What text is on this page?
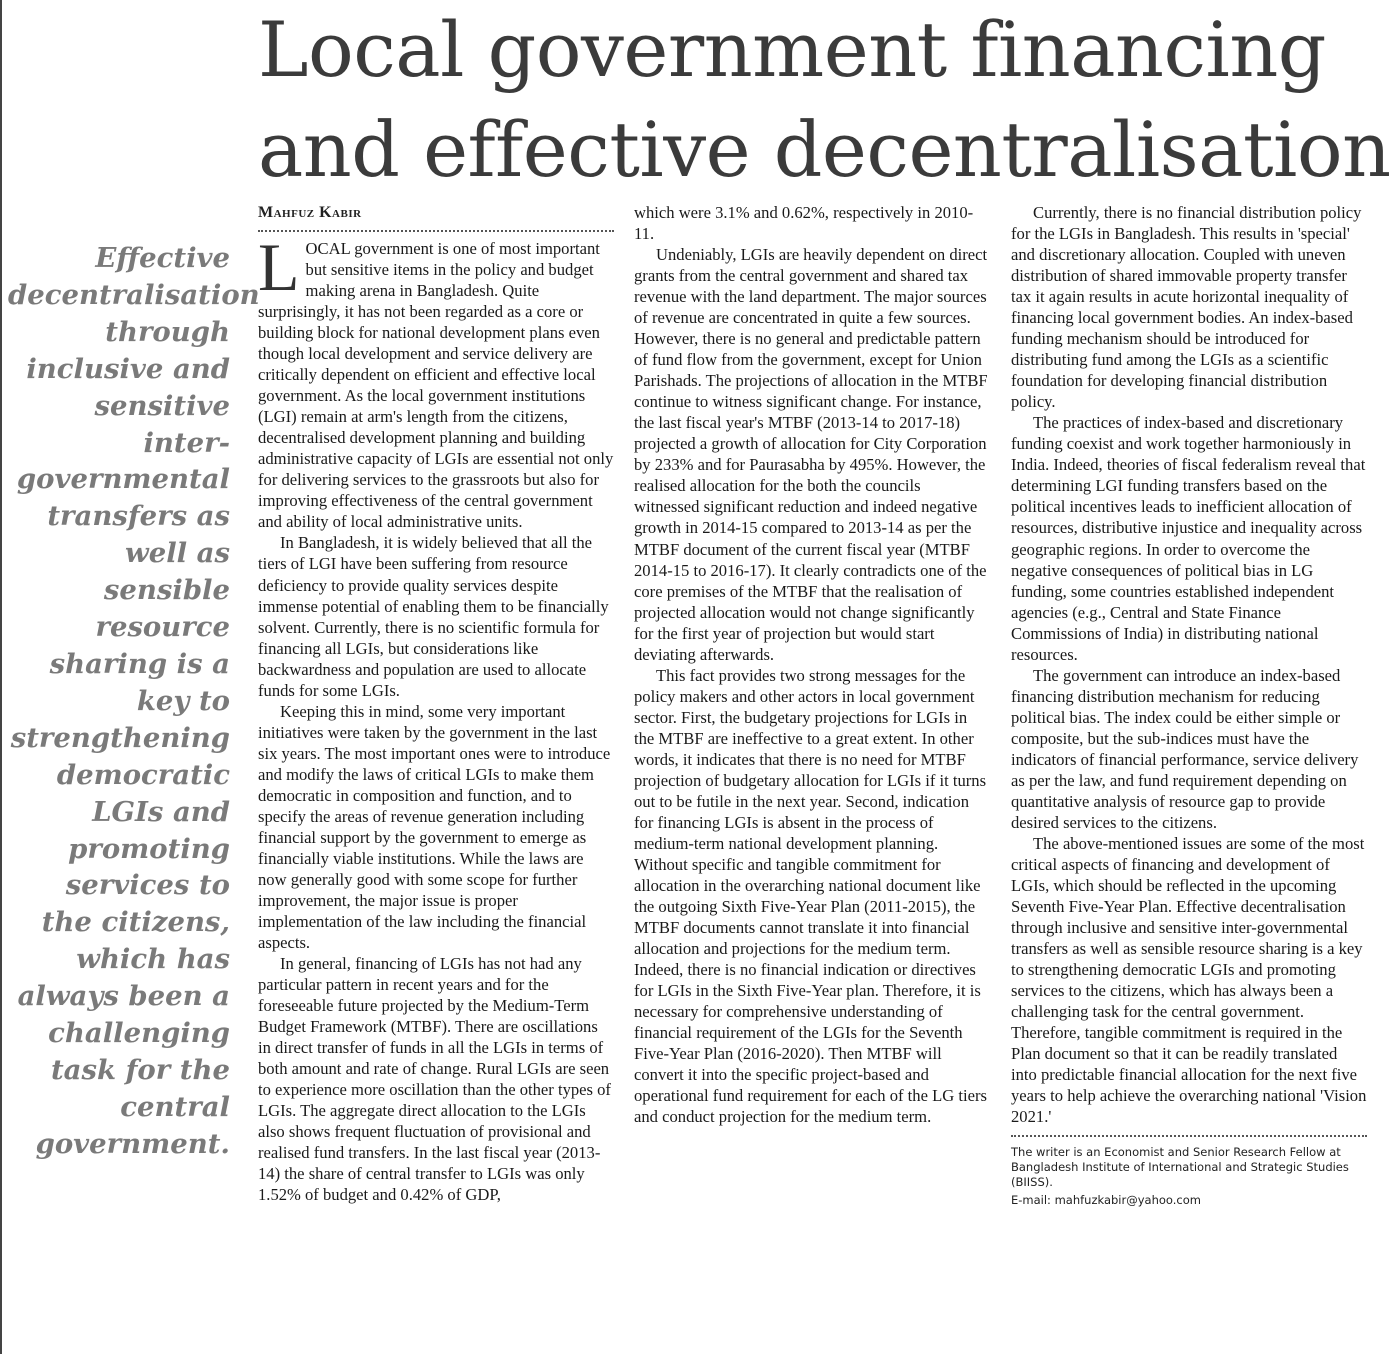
Local government financing
and effective decentralisation
Effective decentralisation through inclusive and sensitive inter-governmental transfers as well as sensible resource sharing is a key to strengthening democratic LGIs and promoting services to the citizens, which has always been a challenging task for the central government.
Mahfuz Kabir

LOCAL government is one of most important but sensitive items in the policy and budget making arena in Bangladesh. Quite surprisingly, it has not been regarded as a core or building block for national development plans even though local development and service delivery are critically dependent on efficient and effective local government. As the local government institutions (LGI) remain at arm's length from the citizens, decentralised development planning and building administrative capacity of LGIs are essential not only for delivering services to the grassroots but also for improving effectiveness of the central government and ability of local administrative units.

In Bangladesh, it is widely believed that all the tiers of LGI have been suffering from resource deficiency to provide quality services despite immense potential of enabling them to be financially solvent. Currently, there is no scientific formula for financing all LGIs, but considerations like backwardness and population are used to allocate funds for some LGIs.

Keeping this in mind, some very important initiatives were taken by the government in the last six years. The most important ones were to introduce and modify the laws of critical LGIs to make them democratic in composition and function, and to specify the areas of revenue generation including financial support by the government to emerge as financially viable institutions. While the laws are now generally good with some scope for further improvement, the major issue is proper implementation of the law including the financial aspects.

In general, financing of LGIs has not had any particular pattern in recent years and for the foreseeable future projected by the Medium-Term Budget Framework (MTBF). There are oscillations in direct transfer of funds in all the LGIs in terms of both amount and rate of change. Rural LGIs are seen to experience more oscillation than the other types of LGIs. The aggregate direct allocation to the LGIs also shows frequent fluctuation of provisional and realised fund transfers. In the last fiscal year (2013-14) the share of central transfer to LGIs was only 1.52% of budget and 0.42% of GDP,

which were 3.1% and 0.62%, respectively in 2010-11.

Undeniably, LGIs are heavily dependent on direct grants from the central government and shared tax revenue with the land department. The major sources of revenue are concentrated in quite a few sources. However, there is no general and predictable pattern of fund flow from the government, except for Union Parishads. The projections of allocation in the MTBF continue to witness significant change. For instance, the last fiscal year's MTBF (2013-14 to 2017-18) projected a growth of allocation for City Corporation by 233% and for Paurasabha by 495%. However, the realised allocation for the both the councils witnessed significant reduction and indeed negative growth in 2014-15 compared to 2013-14 as per the MTBF document of the current fiscal year (MTBF 2014-15 to 2016-17). It clearly contradicts one of the core premises of the MTBF that the realisation of projected allocation would not change significantly for the first year of projection but would start deviating afterwards.

This fact provides two strong messages for the policy makers and other actors in local government sector. First, the budgetary projections for LGIs in the MTBF are ineffective to a great extent. In other words, it indicates that there is no need for MTBF projection of budgetary allocation for LGIs if it turns out to be futile in the next year. Second, indication for financing LGIs is absent in the process of medium-term national development planning. Without specific and tangible commitment for allocation in the overarching national document like the outgoing Sixth Five-Year Plan (2011-2015), the MTBF documents cannot translate it into financial allocation and projections for the medium term. Indeed, there is no financial indication or directives for LGIs in the Sixth Five-Year plan. Therefore, it is necessary for comprehensive understanding of financial requirement of the LGIs for the Seventh Five-Year Plan (2016-2020). Then MTBF will convert it into the specific project-based and operational fund requirement for each of the LG tiers and conduct projection for the medium term.

Currently, there is no financial distribution policy for the LGIs in Bangladesh. This results in 'special' and discretionary allocation. Coupled with uneven distribution of shared immovable property transfer tax it again results in acute horizontal inequality of financing local government bodies. An index-based funding mechanism should be introduced for distributing fund among the LGIs as a scientific foundation for developing financial distribution policy.

The practices of index-based and discretionary funding coexist and work together harmoniously in India. Indeed, theories of fiscal federalism reveal that determining LGI funding transfers based on the political incentives leads to inefficient allocation of resources, distributive injustice and inequality across geographic regions. In order to overcome the negative consequences of political bias in LG funding, some countries established independent agencies (e.g., Central and State Finance Commissions of India) in distributing national resources.

The government can introduce an index-based financing distribution mechanism for reducing political bias. The index could be either simple or composite, but the sub-indices must have the indicators of financial performance, service delivery as per the law, and fund requirement depending on quantitative analysis of resource gap to provide desired services to the citizens.

The above-mentioned issues are some of the most critical aspects of financing and development of LGIs, which should be reflected in the upcoming Seventh Five-Year Plan. Effective decentralisation through inclusive and sensitive inter-governmental transfers as well as sensible resource sharing is a key to strengthening democratic LGIs and promoting services to the citizens, which has always been a challenging task for the central government. Therefore, tangible commitment is required in the Plan document so that it can be readily translated into predictable financial allocation for the next five years to help achieve the overarching national 'Vision 2021.'

The writer is an Economist and Senior Research Fellow at Bangladesh Institute of International and Strategic Studies (BIISS).
E-mail: mahfuzkabir@yahoo.com
